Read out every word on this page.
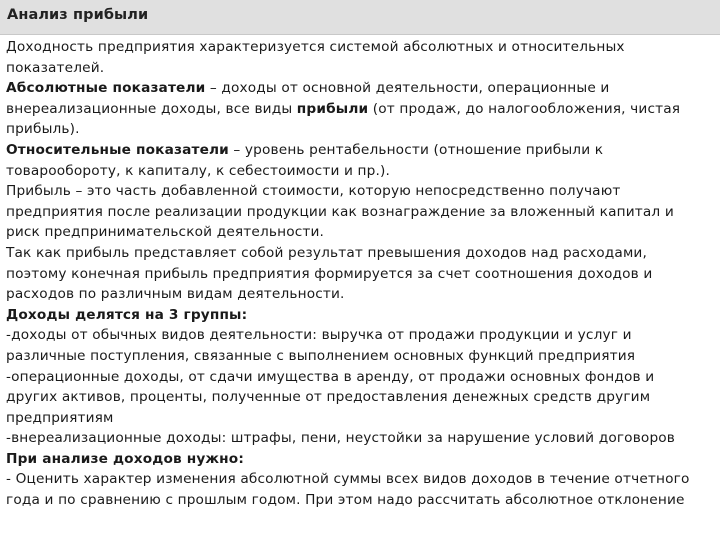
Анализ прибыли

Доходность предприятия характеризуется системой абсолютных и относительных

показателей.

Абсолютные показатели – доходы от основной деятельности, операционные и

внереализационные доходы, все виды прибыли (от продаж, до налогообложения, чистая

прибыль).

Относительные показатели – уровень рентабельности (отношение прибыли к

товарообороту, к капиталу, к себестоимости и пр.).

Прибыль – это часть добавленной стоимости, которую непосредственно получают

предприятия после реализации продукции как вознаграждение за вложенный капитал и

риск предпринимательской деятельности.

Так как прибыль представляет собой результат превышения доходов над расходами,

поэтому конечная прибыль предприятия формируется за счет соотношения доходов и

расходов по различным видам деятельности.

Доходы делятся на 3 группы:

-доходы от обычных видов деятельности: выручка от продажи продукции и услуг и

различные поступления, связанные с выполнением основных функций предприятия

-операционные доходы, от сдачи имущества в аренду, от продажи основных фондов и

других активов, проценты, полученные от предоставления денежных средств другим

предприятиям

-внереализационные доходы: штрафы, пени, неустойки за нарушение условий договоров

При анализе доходов нужно:

- Оценить характер изменения абсолютной суммы всех видов доходов в течение отчетного

года и по сравнению с прошлым годом. При этом надо рассчитать абсолютное отклонение
